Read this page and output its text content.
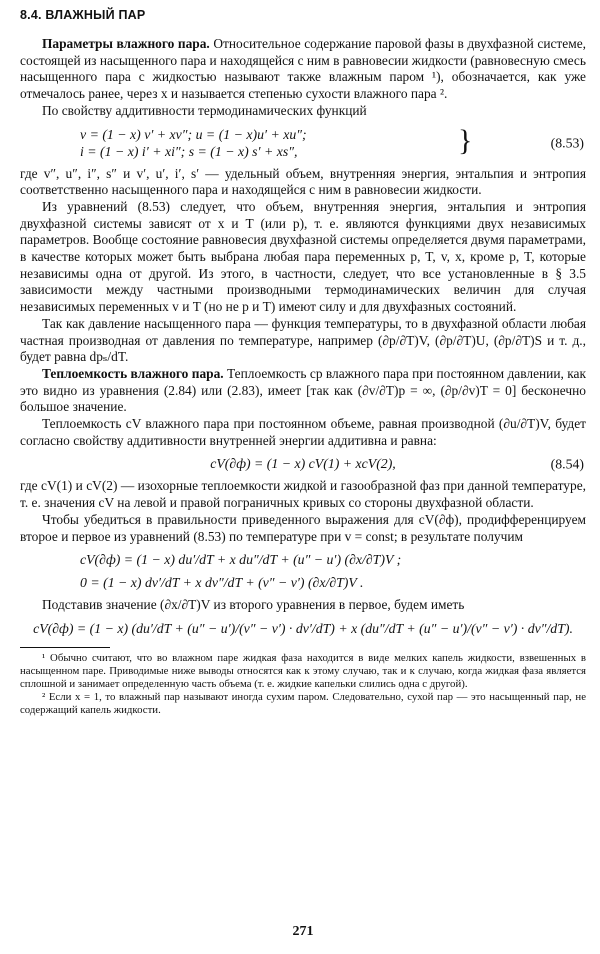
8.4. ВЛАЖНЫЙ ПАР

Параметры влажного пара. Относительное содержание паровой фазы в двухфазной системе, состоящей из насыщенного пара и находящейся с ним в равновесии жидкости (равновесную смесь насыщенного пара с жидкостью называют также влажным паром ¹), обозначается, как уже отмечалось ранее, через x и называется степенью сухости влажного пара ².

По свойству аддитивности термодинамических функций

v = (1 − x) v′ + xv″; u = (1 − x)u′ + xu″;
i = (1 − x) i′ + xi″; s = (1 − x) s′ + xs″,	}	(8.53)

где v″, u″, i″, s″ и v′, u′, i′, s′ — удельный объем, внутренняя энергия, энтальпия и энтропия соответственно насыщенного пара и находящейся с ним в равновесии жидкости.

Из уравнений (8.53) следует, что объем, внутренняя энергия, энтальпия и энтропия двухфазной системы зависят от x и T (или p), т. е. являются функциями двух независимых параметров. Вообще состояние равновесия двухфазной системы определяется двумя параметрами, в качестве которых может быть выбрана любая пара переменных p, T, v, x, кроме p, T, которые независимы одна от другой. Из этого, в частности, следует, что все установленные в § 3.5 зависимости между частными производными термодинамических величин для случая независимых переменных v и T (но не p и T) имеют силу и для двухфазных состояний.

Так как давление насыщенного пара — функция температуры, то в двухфазной области любая частная производная от давления по температуре, например (∂p/∂T)V, (∂p/∂T)U, (∂p/∂T)S и т. д., будет равна dpₛ/dT.

Теплоемкость влажного пара. Теплоемкость cp влажного пара при постоянном давлении, как это видно из уравнения (2.84) или (2.83), имеет [так как (∂v/∂T)p = ∞, (∂p/∂v)T = 0] бесконечно большое значение.

Теплоемкость cV влажного пара при постоянном объеме, равная производной (∂u/∂T)V, будет согласно свойству аддитивности внутренней энергии аддитивна и равна:

cV(∂ф) = (1 − x) cV(1) + xcV(2),	(8.54)

где cV(1) и cV(2) — изохорные теплоемкости жидкой и газообразной фаз при данной температуре, т. е. значения cV на левой и правой пограничных кривых со стороны двухфазной области.

Чтобы убедиться в правильности приведенного выражения для cV(∂ф), продифференцируем второе и первое из уравнений (8.53) по температуре при v = const; в результате получим

cV(∂ф) = (1 − x) du′/dT + x du″/dT + (u″ − u′) (∂x/∂T)V ;
0 = (1 − x) dv′/dT + x dv″/dT + (v″ − v′) (∂x/∂T)V .

Подставив значение (∂x/∂T)V из второго уравнения в первое, будем иметь

cV(∂ф) = (1 − x) (du′/dT + (u″ − u′)/(v″ − v′) · dv′/dT) + x (du″/dT + (u″ − u′)/(v″ − v′) · dv″/dT).

¹ Обычно считают, что во влажном паре жидкая фаза находится в виде мелких капель жидкости, взвешенных в насыщенном паре. Приводимые ниже выводы относятся как к этому случаю, так и к случаю, когда жидкая фаза является сплошной и занимает определенную часть объема (т. е. жидкие капельки слились одна с другой).

² Если x = 1, то влажный пар называют иногда сухим паром. Следовательно, сухой пар — это насыщенный пар, не содержащий капель жидкости.

271
